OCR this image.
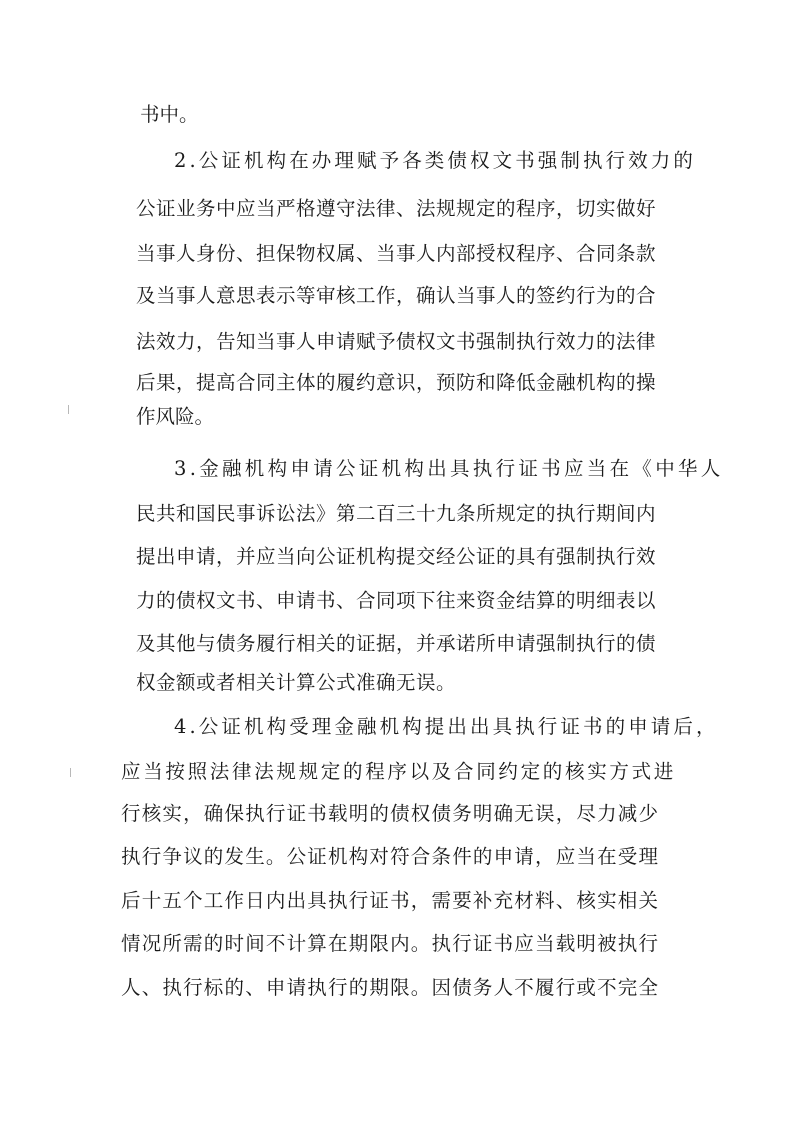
书中。
2.公证机构在办理赋予各类债权文书强制执行效力的
公证业务中应当严格遵守法律、法规规定的程序，切实做好
当事人身份、担保物权属、当事人内部授权程序、合同条款
及当事人意思表示等审核工作，确认当事人的签约行为的合
法效力，告知当事人申请赋予债权文书强制执行效力的法律
后果，提高合同主体的履约意识，预防和降低金融机构的操
作风险。
3.金融机构申请公证机构出具执行证书应当在《中华人
民共和国民事诉讼法》第二百三十九条所规定的执行期间内
提出申请，并应当向公证机构提交经公证的具有强制执行效
力的债权文书、申请书、合同项下往来资金结算的明细表以
及其他与债务履行相关的证据，并承诺所申请强制执行的债
权金额或者相关计算公式准确无误。
4.公证机构受理金融机构提出出具执行证书的申请后，
应当按照法律法规规定的程序以及合同约定的核实方式进
行核实，确保执行证书载明的债权债务明确无误，尽力减少
执行争议的发生。公证机构对符合条件的申请，应当在受理
后十五个工作日内出具执行证书，需要补充材料、核实相关
情况所需的时间不计算在期限内。执行证书应当载明被执行
人、执行标的、申请执行的期限。因债务人不履行或不完全
